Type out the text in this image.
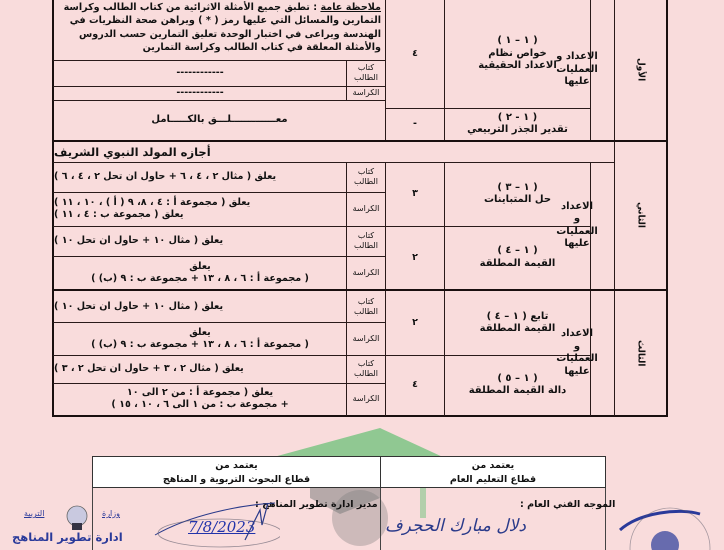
الأول
الثاني
الثالث
الاعداد و
العمليات
عليها
الاعداد
و
العمليات
عليها
الاعداد
و
العمليات
عليها
( ١ – ١ )
خواص نظام الاعداد الحقيقية
( ١ - ٢ )
تقدير الجذر التربيعي
( ١ – ٣ )
حل المتباينات
( ١ – ٤ )
القيمة المطلقة
تابع ( ١ – ٤ )
القيمة المطلقة
( ١ – ٥ )
دالة القيمة المطلقة
٤
-
٣
٢
٢
٤
ملاحظة عامة : تطبق جميع الأمثلة الاثرائية من كتاب الطالب وكراسة التمارين والمسائل التي عليها رمز ( * ) ويراهن صحة النظريات في الهندسة ويراعى في اختبار الوحدة تعليق التمارين حسب الدروس والأمثلة المعلقة في كتاب الطالب وكراسة التمارين
كتاب الطالب
الكراسة
------------
------------
معـــــــــــــلـــق بالكـــــامل
أجازه المولد النبوي الشريف
كتاب الطالب
الكراسة
كتاب الطالب
الكراسة
كتاب الطالب
الكراسة
كتاب الطالب
الكراسة
يعلق ( مثال ٢ ، ٤ ، ٦ + حاول ان تحل ٢ ، ٤ ، ٦ )
يعلق ( مجموعة أ : ٤ ، ٨، ٩ ( أ ) ، ١٠ ، ١١ )
يعلق ( مجموعة ب : ٤ ، ١١ )
يعلق ( مثال ١٠ + حاول ان تحل ١٠ )
يعلق
( مجموعة أ : ٦ ، ٨ ، ١٣ + مجموعة ب : ٩ (ب) )
يعلق ( مثال ١٠ + حاول ان تحل ١٠ )
يعلق
( مجموعة أ : ٦ ، ٨ ، ١٣ + مجموعة ب : ٩ (ب) )
يعلق ( مثال ٢ ، ٣ + حاول ان تحل ٢ ، ٣ )
يعلق ( مجموعة أ : من ٢ الى ١٠
+ مجموعة ب : من ١ الى ٦ ، ١٠ ، ١٥ )
يعتمد من
قطاع التعليم العام
يعتمد من
قطاع البحوث التربوية و المناهج
الموجه الفني العام :
مدير ادارة تطوير المناهج :
دلال مبارك الحجرف
7/8/2023
وزارة
التربية
ادارة تطوير المناهج
